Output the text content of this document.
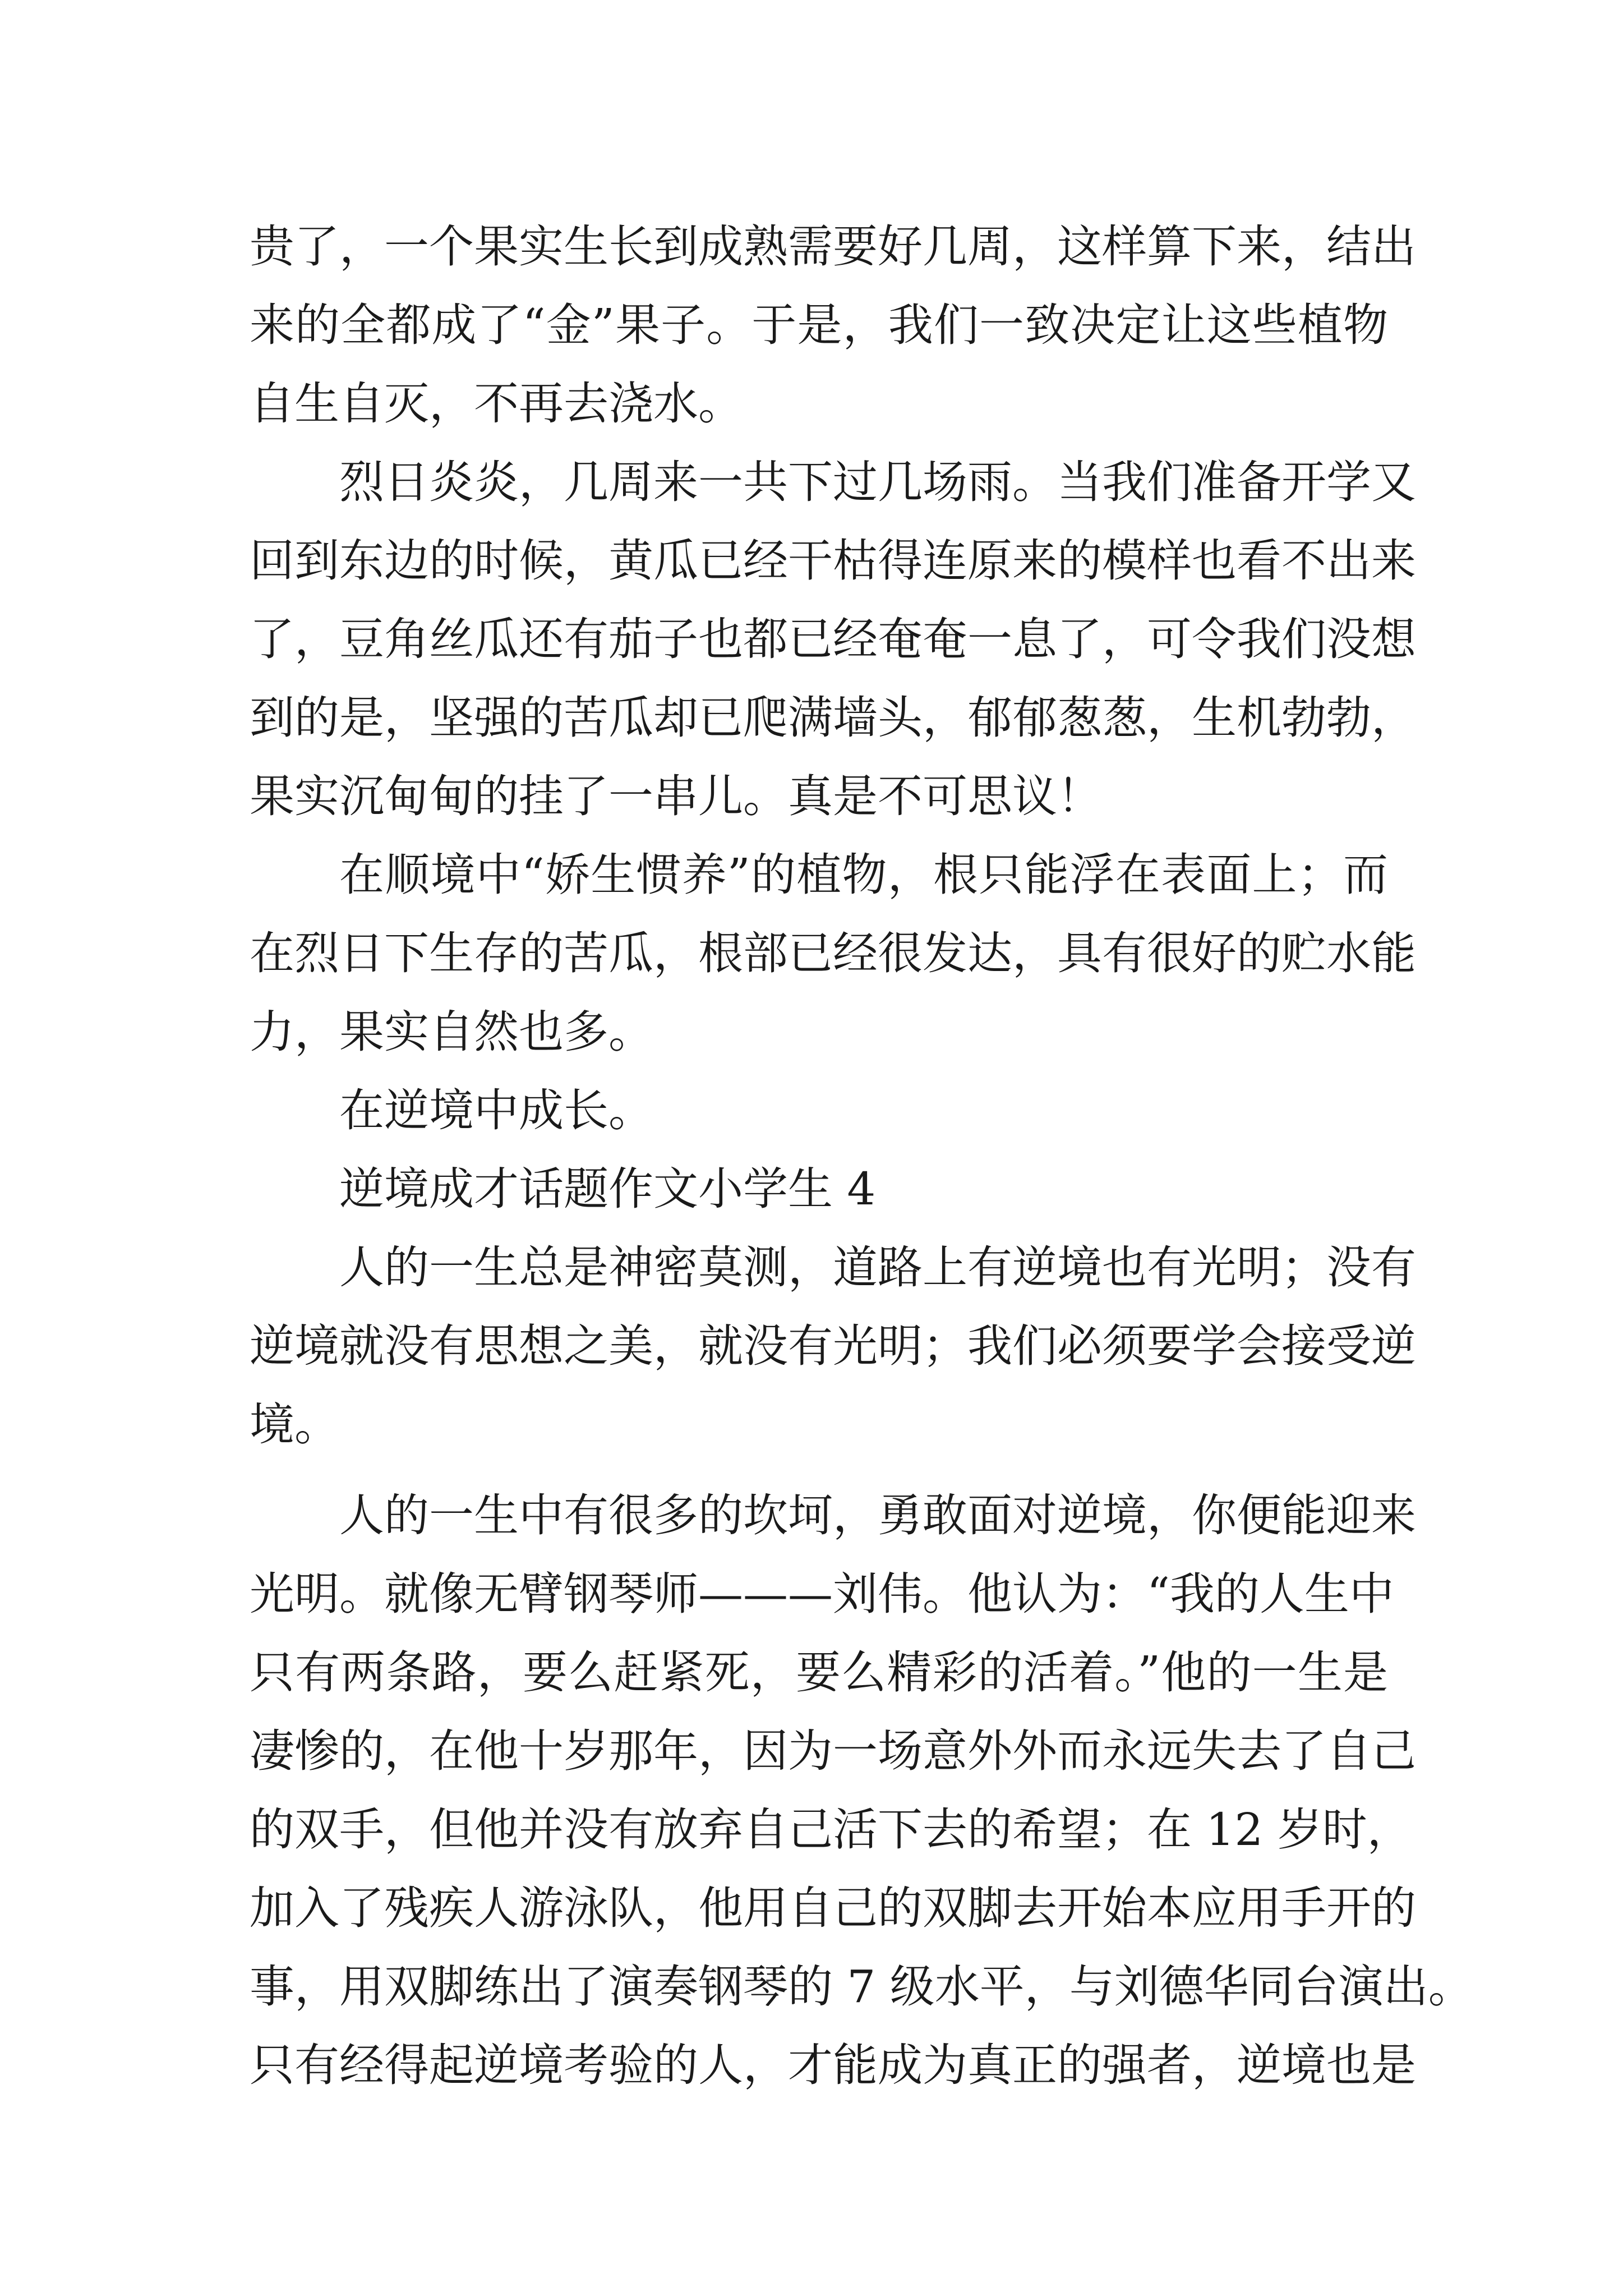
贵了，一个果实生长到成熟需要好几周，这样算下来，结出
来的全都成了“金”果子。于是，我们一致决定让这些植物
自生自灭，不再去浇水。
烈日炎炎，几周来一共下过几场雨。当我们准备开学又
回到东边的时候，黄瓜已经干枯得连原来的模样也看不出来
了，豆角丝瓜还有茄子也都已经奄奄一息了，可令我们没想
到的是，坚强的苦瓜却已爬满墙头，郁郁葱葱，生机勃勃，
果实沉甸甸的挂了一串儿。真是不可思议！
在顺境中“娇生惯养”的植物，根只能浮在表面上；而
在烈日下生存的苦瓜，根部已经很发达，具有很好的贮水能
力，果实自然也多。
在逆境中成长。
逆境成才话题作文小学生 4
人的一生总是神密莫测，道路上有逆境也有光明；没有
逆境就没有思想之美，就没有光明；我们必须要学会接受逆
境。
人的一生中有很多的坎坷，勇敢面对逆境，你便能迎来
光明。就像无臂钢琴师———刘伟。他认为：“我的人生中
只有两条路，要么赶紧死，要么精彩的活着。”他的一生是
凄惨的，在他十岁那年，因为一场意外外而永远失去了自己
的双手，但他并没有放弃自己活下去的希望；在 12 岁时，
加入了残疾人游泳队，他用自己的双脚去开始本应用手开的
事，用双脚练出了演奏钢琴的 7 级水平，与刘德华同台演出。
只有经得起逆境考验的人，才能成为真正的强者，逆境也是
